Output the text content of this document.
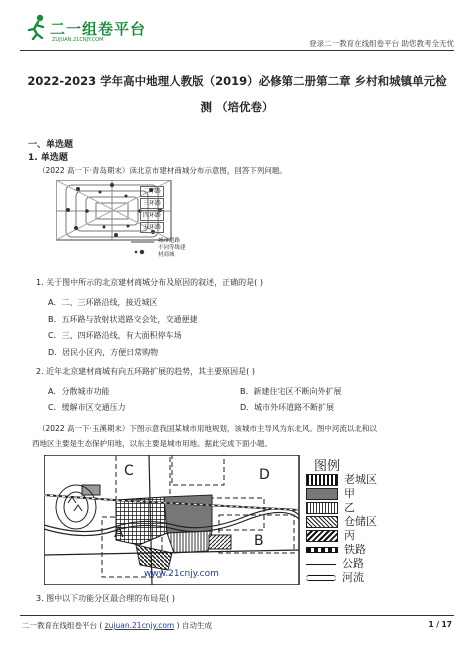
二一组卷平台
ZUJUAN.21CNJY.COM	登录二一教育在线组卷平台 助您教考全无忧
2022-2023 学年高中地理人教版（2019）必修第二册第二章 乡村和城镇单元检
测 （培优卷）
一、单选题
1. 单选题
（2022 高一下·青岛期末）读北京市建材商城分布示意图，回答下列问题。
二环路
三环路
四环路
五环路
城市道路
不同等级建
材商城
1. 关于图中所示的北京建材商城分布及原因的叙述，正确的是( )
A．二、三环路沿线，接近城区
B．五环路与放射状道路交会处，交通便捷
C．三、四环路沿线，有大面积停车场
D．居民小区内，方便日常购物
2. 近年北京建材商城有向五环路扩展的趋势，其主要原因是( )
A．分散城市功能	B．新建住宅区不断向外扩展
C．缓解市区交通压力	D．城市外环道路不断扩展
（2022 高一下·玉溪期末）下图示意我国某城市用地规划，该城市主导风为东北风。图中河流以北和以
西地区主要是生态保护用地，以东主要是城市用地。据此完成下面小题。
C
A	B
D
www.21cnjy.com
图例
老城区
甲
乙
仓储区
丙
铁路
公路
河流
3. 图中以下功能分区最合理的布局是( )
二一教育在线组卷平台 ( zujuan.21cnjy.com ) 自动生成	1 / 17
